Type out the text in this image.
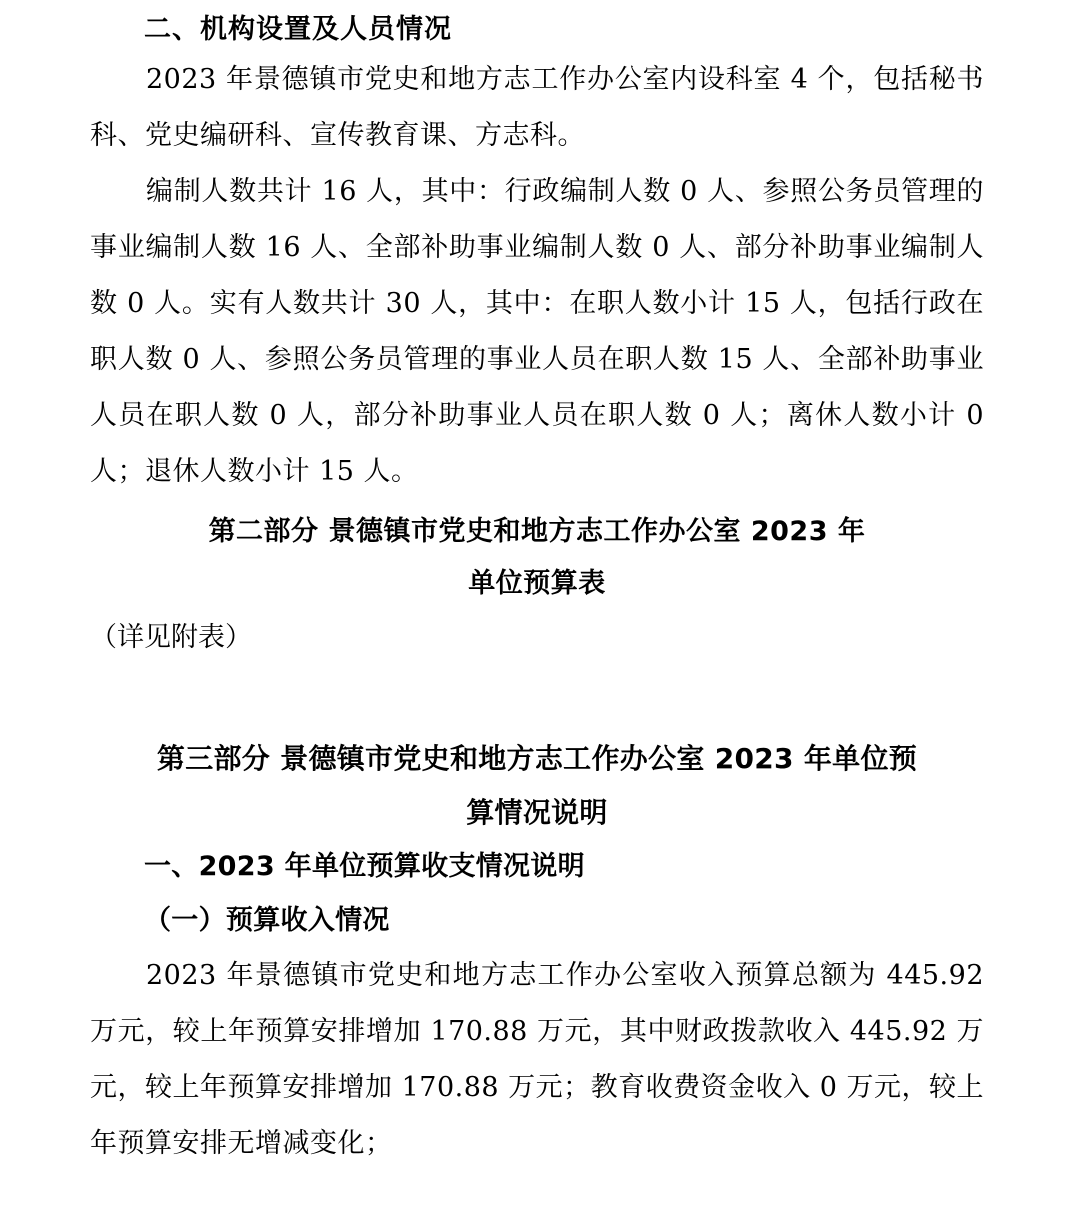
二、机构设置及人员情况

2023 年景德镇市党史和地方志工作办公室内设科室 4 个，包括秘书科、党史编研科、宣传教育课、方志科。

编制人数共计 16 人，其中：行政编制人数 0 人、参照公务员管理的事业编制人数 16 人、全部补助事业编制人数 0 人、部分补助事业编制人数 0 人。实有人数共计 30 人，其中：在职人数小计 15 人，包括行政在职人数 0 人、参照公务员管理的事业人员在职人数 15 人、全部补助事业人员在职人数 0 人，部分补助事业人员在职人数 0 人；离休人数小计 0 人；退休人数小计 15 人。

第二部分 景德镇市党史和地方志工作办公室 2023 年
单位预算表

（详见附表）

第三部分 景德镇市党史和地方志工作办公室 2023 年单位预
算情况说明
一、2023 年单位预算收支情况说明
（一）预算收入情况

2023 年景德镇市党史和地方志工作办公室收入预算总额为 445.92 万元，较上年预算安排增加 170.88 万元，其中财政拨款收入 445.92 万元，较上年预算安排增加 170.88 万元；教育收费资金收入 0 万元，较上年预算安排无增减变化；
